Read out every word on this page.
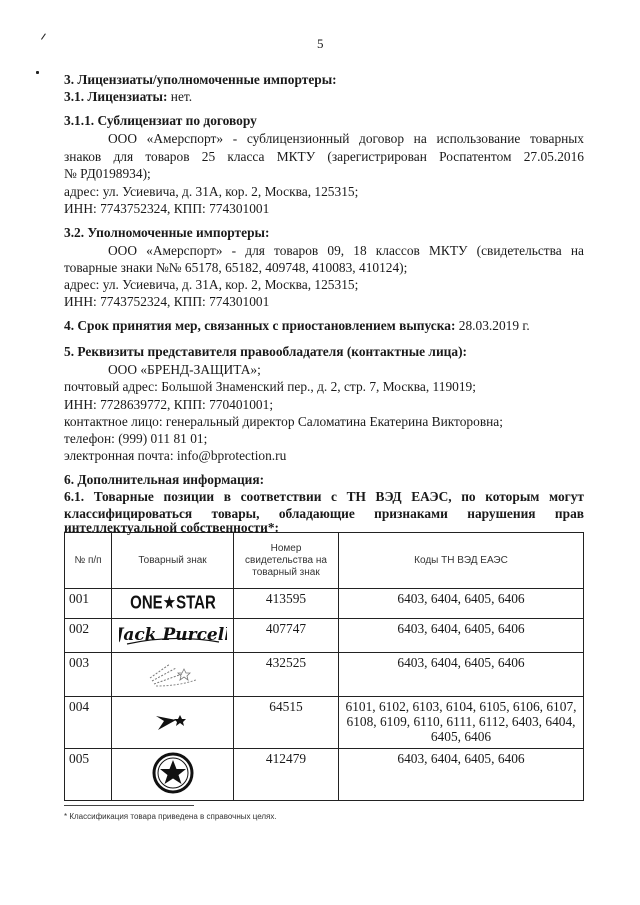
5
3. Лицензиаты/уполномоченные импортеры:
3.1. Лицензиаты: нет.
3.1.1. Сублицензиат по договору
ООО «Амерспорт» - сублицензионный договор на использование товарных
знаков для товаров 25 класса МКТУ (зарегистрирован Роспатентом 27.05.2016
№ РД0198934);
адрес: ул. Усиевича, д. 31А, кор. 2, Москва, 125315;
ИНН: 7743752324, КПП: 774301001
3.2. Уполномоченные импортеры:
ООО «Амерспорт» - для товаров 09, 18 классов МКТУ (свидетельства на
товарные знаки №№ 65178, 65182, 409748, 410083, 410124);
адрес: ул. Усиевича, д. 31А, кор. 2, Москва, 125315;
ИНН: 7743752324, КПП: 774301001
4. Срок принятия мер, связанных с приостановлением выпуска: 28.03.2019 г.
5. Реквизиты представителя правообладателя (контактные лица):
ООО «БРЕНД-ЗАЩИТА»;
почтовый адрес: Большой Знаменский пер., д. 2, стр. 7, Москва, 119019;
ИНН: 7728639772, КПП: 770401001;
контактное лицо: генеральный директор Саломатина Екатерина Викторовна;
телефон: (999) 011 81 01;
электронная почта: info@bprotection.ru
6. Дополнительная информация:
6.1. Товарные позиции в соответствии с ТН ВЭД ЕАЭС, по которым могут
классифицироваться товары, обладающие признаками нарушения прав
интеллектуальной собственности*:
№ п/п	Товарный знак	Номер свидетельства на товарный знак	Коды ТН ВЭД ЕАЭС
001	ONE★STAR	413595	6403, 6404, 6405, 6406
002	Jack Purcell	407747	6403, 6404, 6405, 6406
003		432525	6403, 6404, 6405, 6406
004		64515	6101, 6102, 6103, 6104, 6105, 6106, 6107, 6108, 6109, 6110, 6111, 6112, 6403, 6404, 6405, 6406
005		412479	6403, 6404, 6405, 6406
* Классификация товара приведена в справочных целях.
